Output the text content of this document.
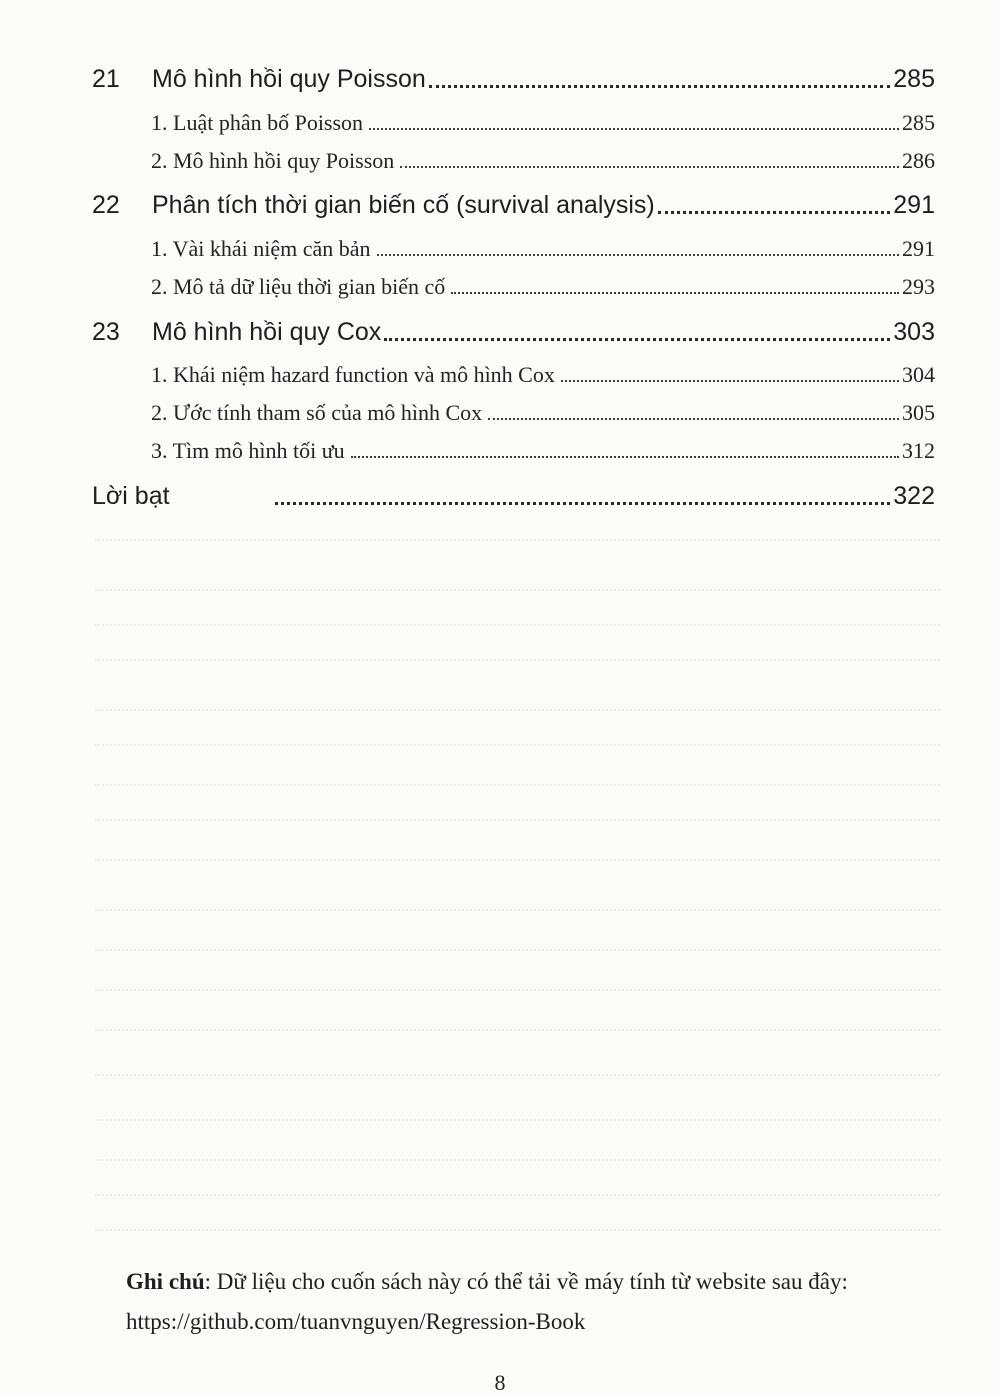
21	Mô hình hồi quy Poisson	285
1. Luật phân bố Poisson	285
2. Mô hình hồi quy Poisson	286
22	Phân tích thời gian biến cố (survival analysis)	291
1. Vài khái niệm căn bản	291
2. Mô tả dữ liệu thời gian biến cố	293
23	Mô hình hồi quy Cox	303
1. Khái niệm hazard function và mô hình Cox	304
2. Ước tính tham số của mô hình Cox	305
3. Tìm mô hình tối ưu	312
Lời bạt	322
Ghi chú: Dữ liệu cho cuốn sách này có thể tải về máy tính từ website sau đây:
https://github.com/tuanvnguyen/Regression-Book
8
